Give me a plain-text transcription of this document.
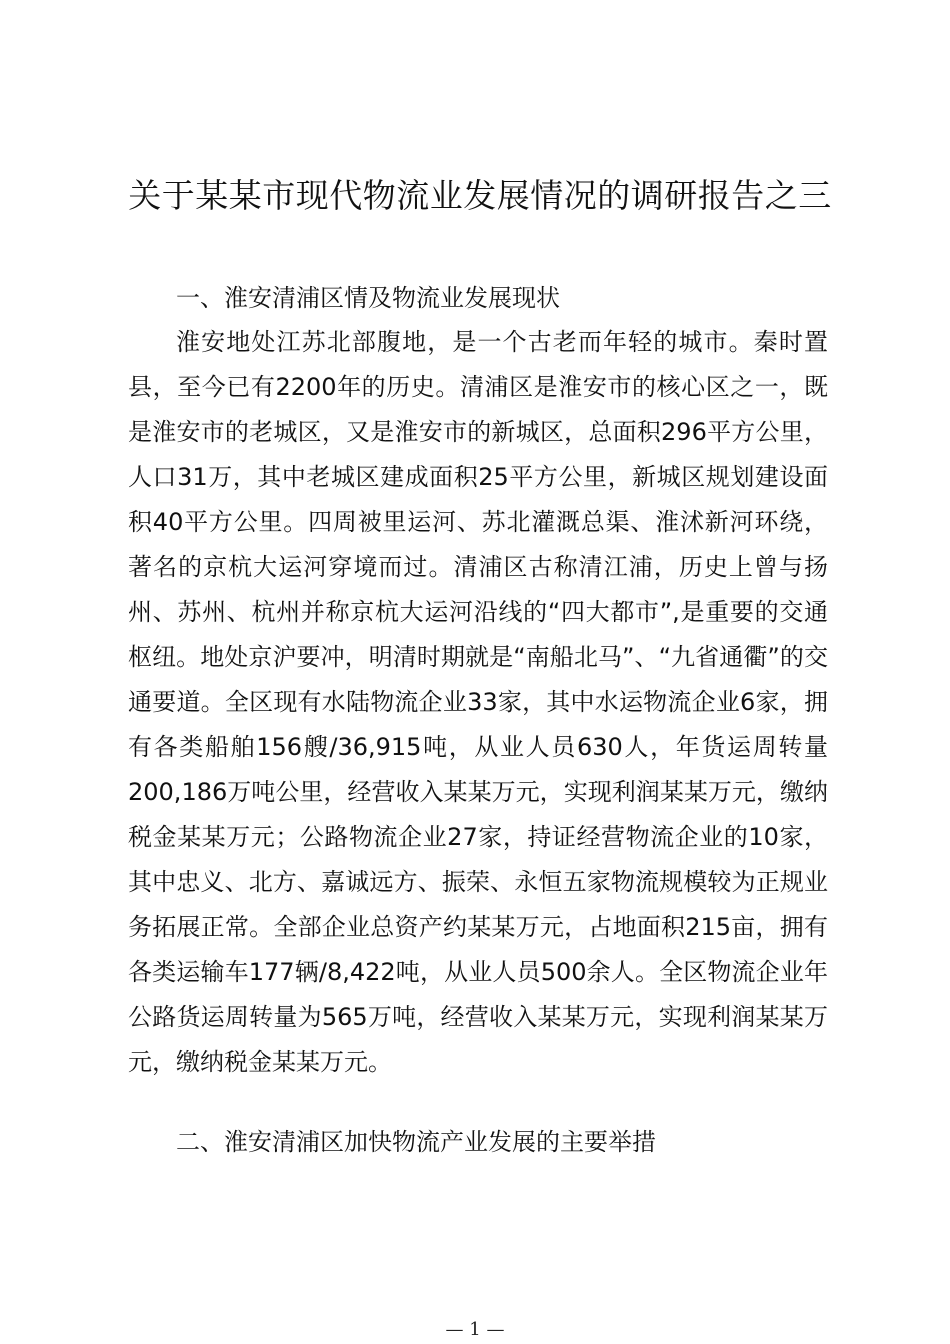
关于某某市现代物流业发展情况的调研报告之三

一、淮安清浦区情及物流业发展现状

淮安地处江苏北部腹地，是一个古老而年轻的城市。秦时置县，至今已有2200年的历史。清浦区是淮安市的核心区之一，既是淮安市的老城区，又是淮安市的新城区，总面积296平方公里，人口31万，其中老城区建成面积25平方公里，新城区规划建设面积40平方公里。四周被里运河、苏北灌溉总渠、淮沭新河环绕，著名的京杭大运河穿境而过。清浦区古称清江浦，历史上曾与扬州、苏州、杭州并称京杭大运河沿线的“四大都市”,是重要的交通枢纽。地处京沪要冲，明清时期就是“南船北马”、“九省通衢”的交通要道。全区现有水陆物流企业33家，其中水运物流企业6家，拥有各类船舶156艘/36,915吨，从业人员630人，年货运周转量200,186万吨公里，经营收入某某万元，实现利润某某万元，缴纳税金某某万元；公路物流企业27家，持证经营物流企业的10家，其中忠义、北方、嘉诚远方、振荣、永恒五家物流规模较为正规业务拓展正常。全部企业总资产约某某万元，占地面积215亩，拥有各类运输车177辆/8,422吨，从业人员500余人。全区物流企业年公路货运周转量为565万吨，经营收入某某万元，实现利润某某万元，缴纳税金某某万元。

二、淮安清浦区加快物流产业发展的主要举措

— 1 —
